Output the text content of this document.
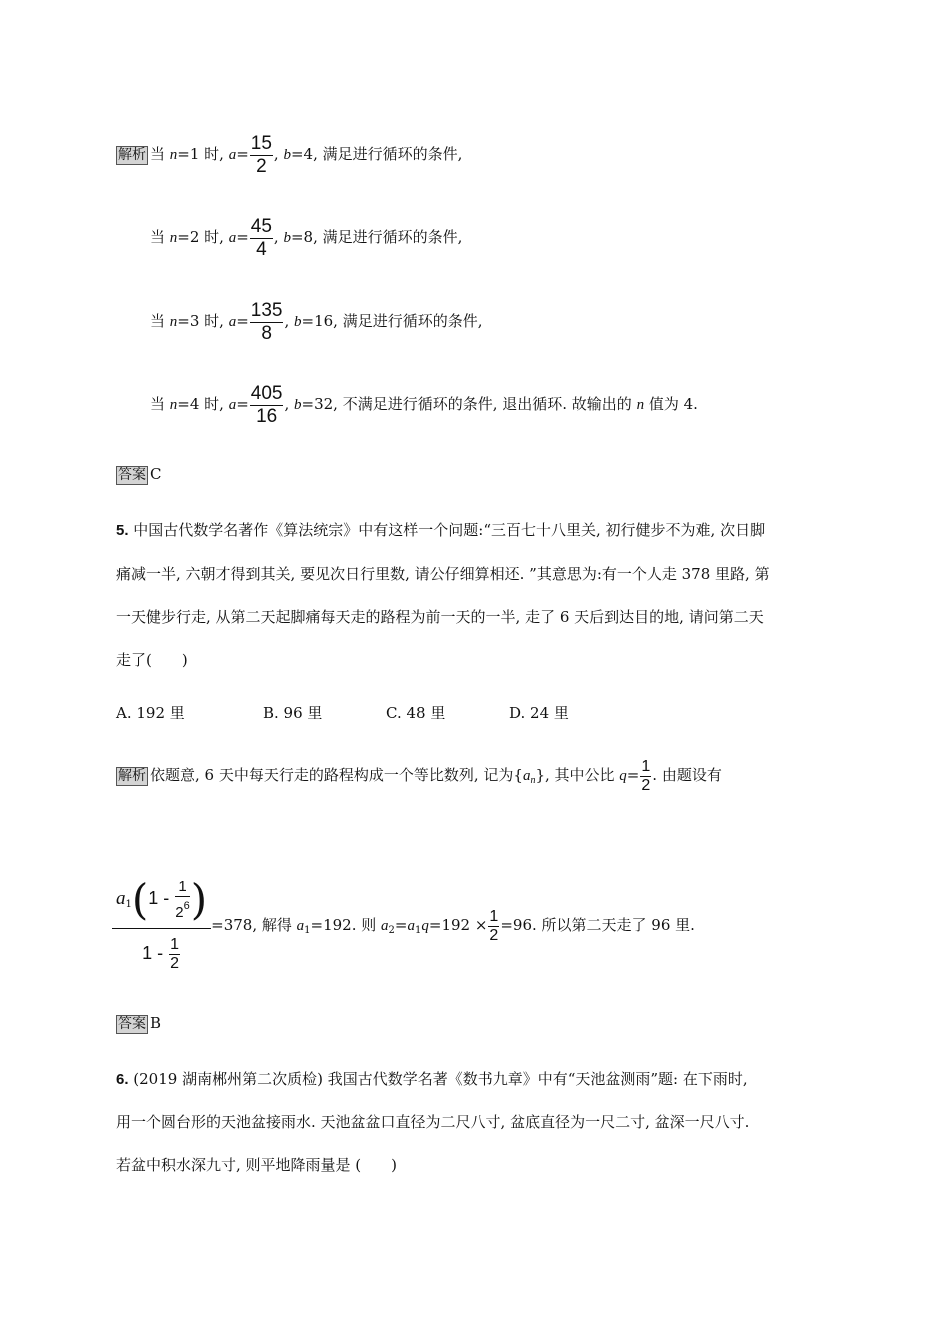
解析 当 n=1 时, $a= \frac{15}{2}$ , b=4, 满足进行循环的条件,
当 n=2 时, $a= \frac{45}{4}$ , b=8, 满足进行循环的条件,
当 n=3 时, $a= \frac{135}{8}$ , b=16, 满足进行循环的条件,
当 n=4 时, $a= \frac{405}{16}$ , b=32, 不满足进行循环的条件, 退出循环. 故输出的 n 值为 4.
答案 C
5. 中国古代数学名著作《算法统宗》中有这样一个问题:“三百七十八里关, 初行健步不为难, 次日脚
痛减一半, 六朝才得到其关, 要见次日行里数, 请公仔细算相还. ”其意思为:有一个人走 378 里路, 第
一天健步行走, 从第二天起脚痛每天走的路程为前一天的一半, 走了 6 天后到达目的地, 请问第二天
走了(　　)
A. 192 里	B. 96 里	C. 48 里	D. 24 里
解析 依题意, 6 天中每天行走的路程构成一个等比数列, 记为$\{a_n\}$, 其中公比 $q= \frac{1}{2}$ . 由题设有
$a_1(1 - \frac{1}{2^6}$ )
$1 - \frac{1}{2}$
=378, 解得 $a_1=192$. 则 $a_2=a_1q=192 \times \frac{1}{2} =96$. 所以第二天走了 96 里.
答案 B
6. (2019 湖南郴州第二次质检) 我国古代数学名著《数书九章》中有“天池盆测雨”题: 在下雨时,
用一个圆台形的天池盆接雨水. 天池盆盆口直径为二尺八寸, 盆底直径为一尺二寸, 盆深一尺八寸.
若盆中积水深九寸, 则平地降雨量是 (　　)
